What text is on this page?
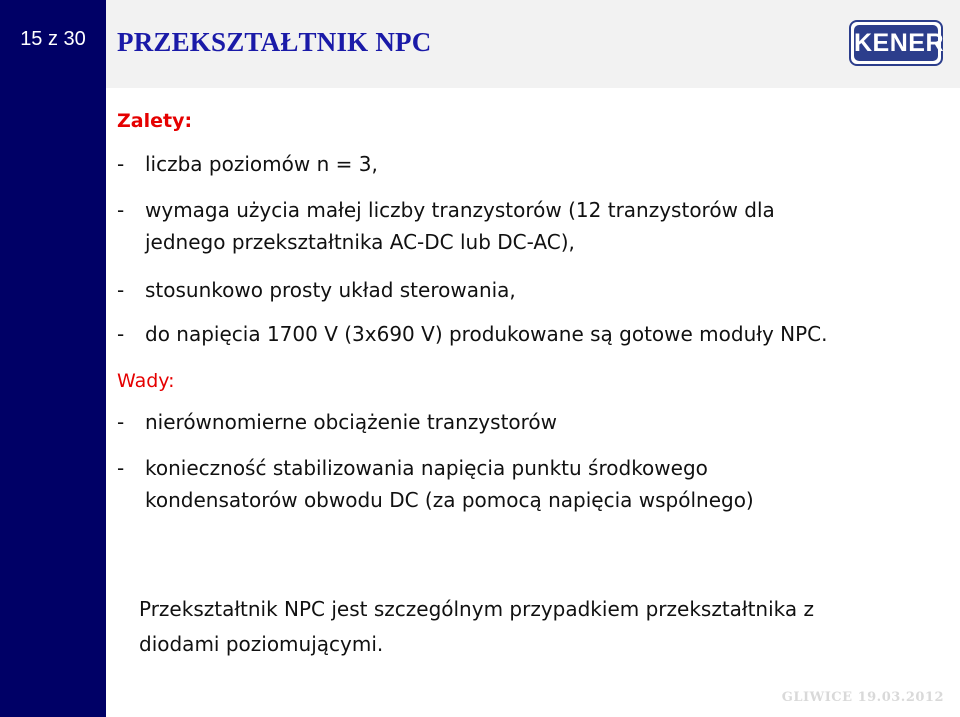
15 z 30	PRZEKSZTAŁTNIK NPC	KENER
Zalety:
- liczba poziomów n = 3,
- wymaga użycia małej liczby tranzystorów (12 tranzystorów dla
jednego przekształtnika AC-DC lub DC-AC),
- stosunkowo prosty układ sterowania,
- do napięcia 1700 V (3x690 V) produkowane są gotowe moduły NPC.
Wady:
- nierównomierne obciążenie tranzystorów
- konieczność stabilizowania napięcia punktu środkowego
kondensatorów obwodu DC (za pomocą napięcia wspólnego)
Przekształtnik NPC jest szczególnym przypadkiem przekształtnika z
diodami poziomującymi.
GLIWICE 19.03.2012
